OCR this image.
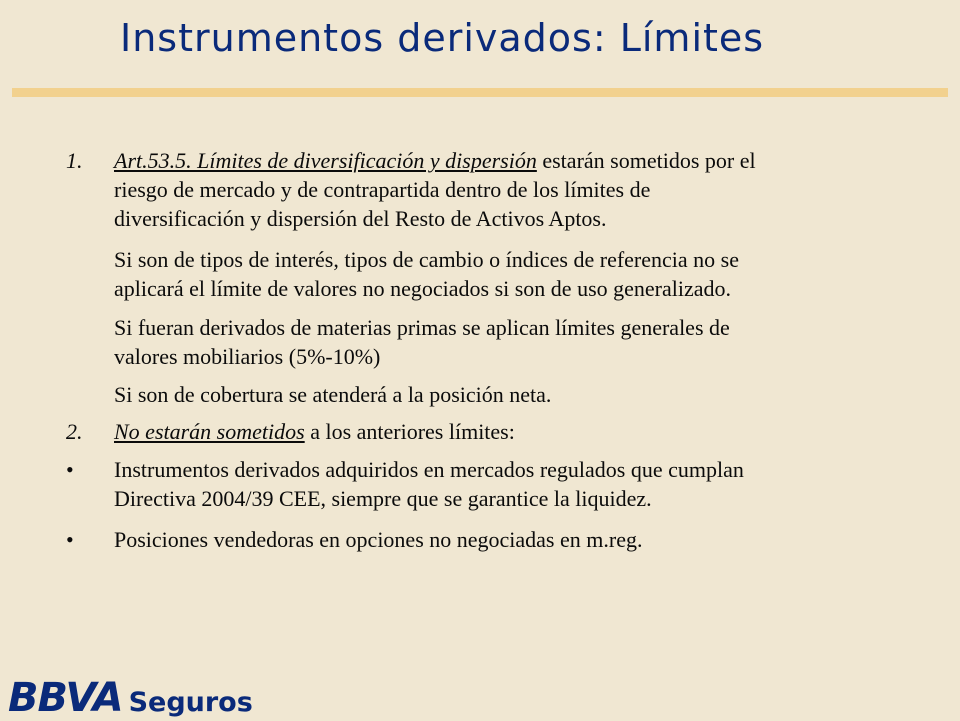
Instrumentos derivados: Límites
1.	Art.53.5. Límites de diversificación y dispersión estarán sometidos por el
riesgo de mercado y de contrapartida dentro de los límites de
diversificación y dispersión del Resto de Activos Aptos.
Si son de tipos de interés, tipos de cambio o índices de referencia no se
aplicará el límite de valores no negociados si son de uso generalizado.
Si fueran derivados de materias primas se aplican límites generales de
valores mobiliarios (5%-10%)
Si son de cobertura se atenderá a la posición neta.
2.	No estarán sometidos a los anteriores límites:
•	Instrumentos derivados adquiridos en mercados regulados que cumplan
Directiva 2004/39 CEE, siempre que se garantice la liquidez.
•	Posiciones vendedoras en opciones no negociadas en m.reg.
BBVA Seguros
